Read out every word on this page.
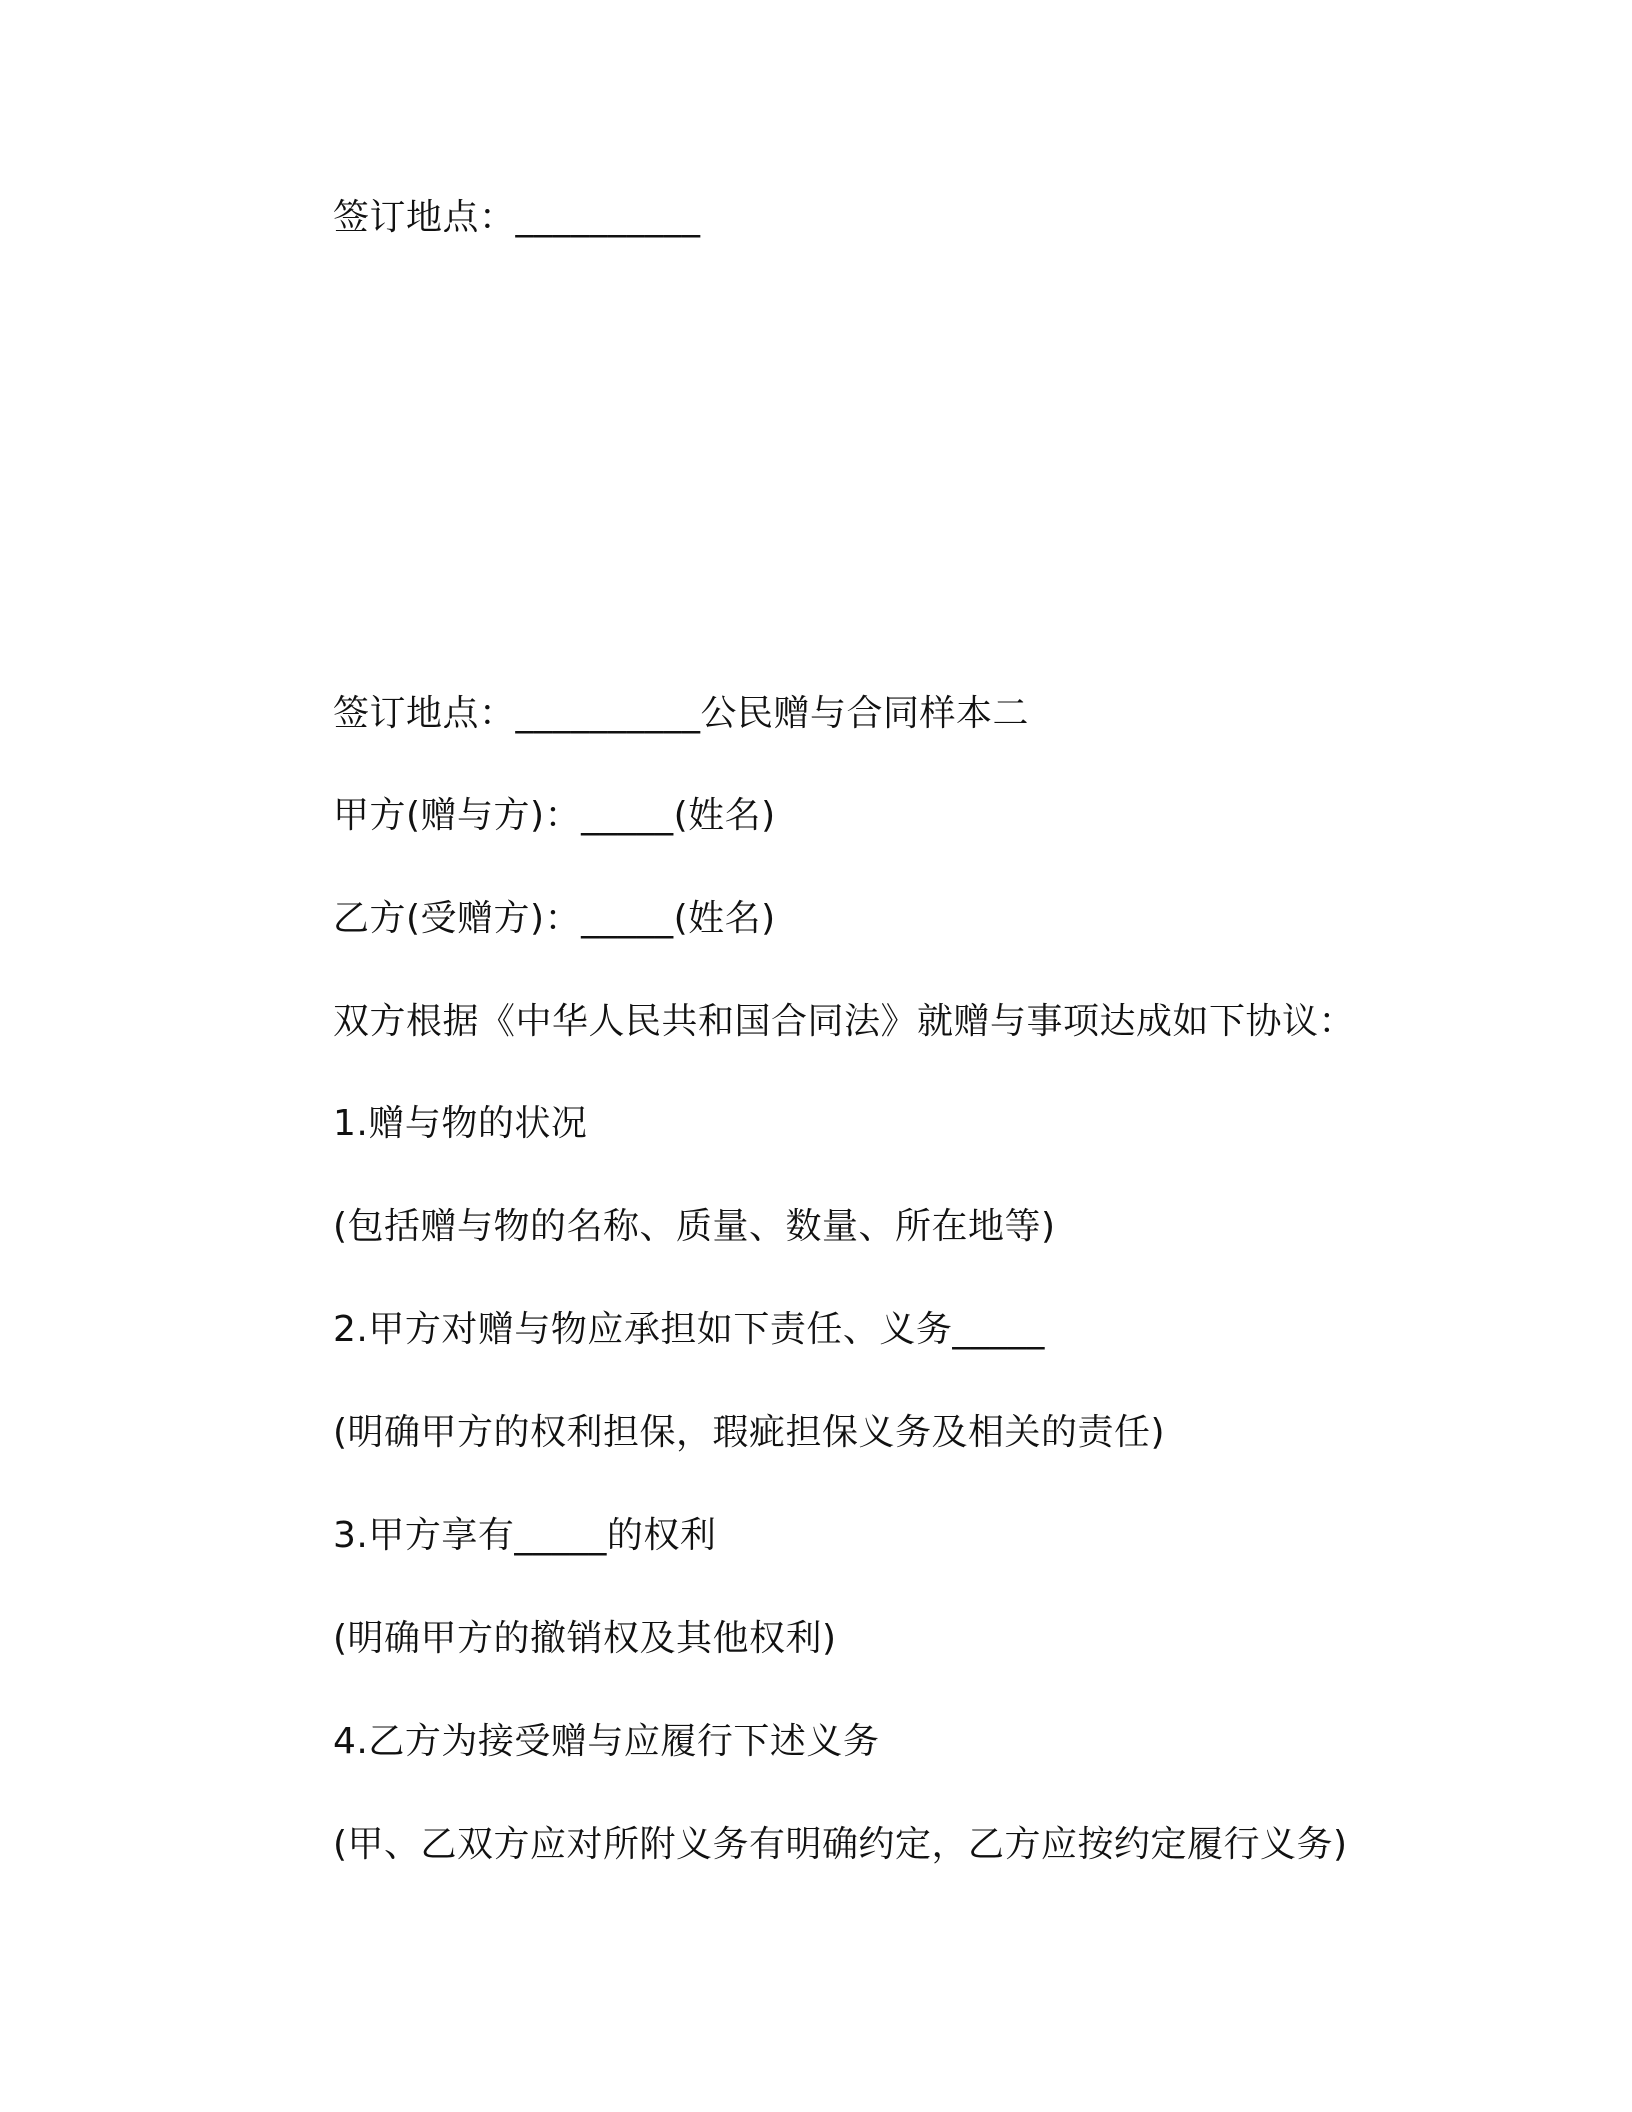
签订地点：__________

签订地点：__________公民赠与合同样本二

甲方(赠与方)：_____(姓名)

乙方(受赠方)：_____(姓名)

双方根据《中华人民共和国合同法》就赠与事项达成如下协议：

1.赠与物的状况

(包括赠与物的名称、质量、数量、所在地等)

2.甲方对赠与物应承担如下责任、义务_____

(明确甲方的权利担保，瑕疵担保义务及相关的责任)

3.甲方享有_____的权利

(明确甲方的撤销权及其他权利)

4.乙方为接受赠与应履行下述义务

(甲、乙双方应对所附义务有明确约定，乙方应按约定履行义务)
